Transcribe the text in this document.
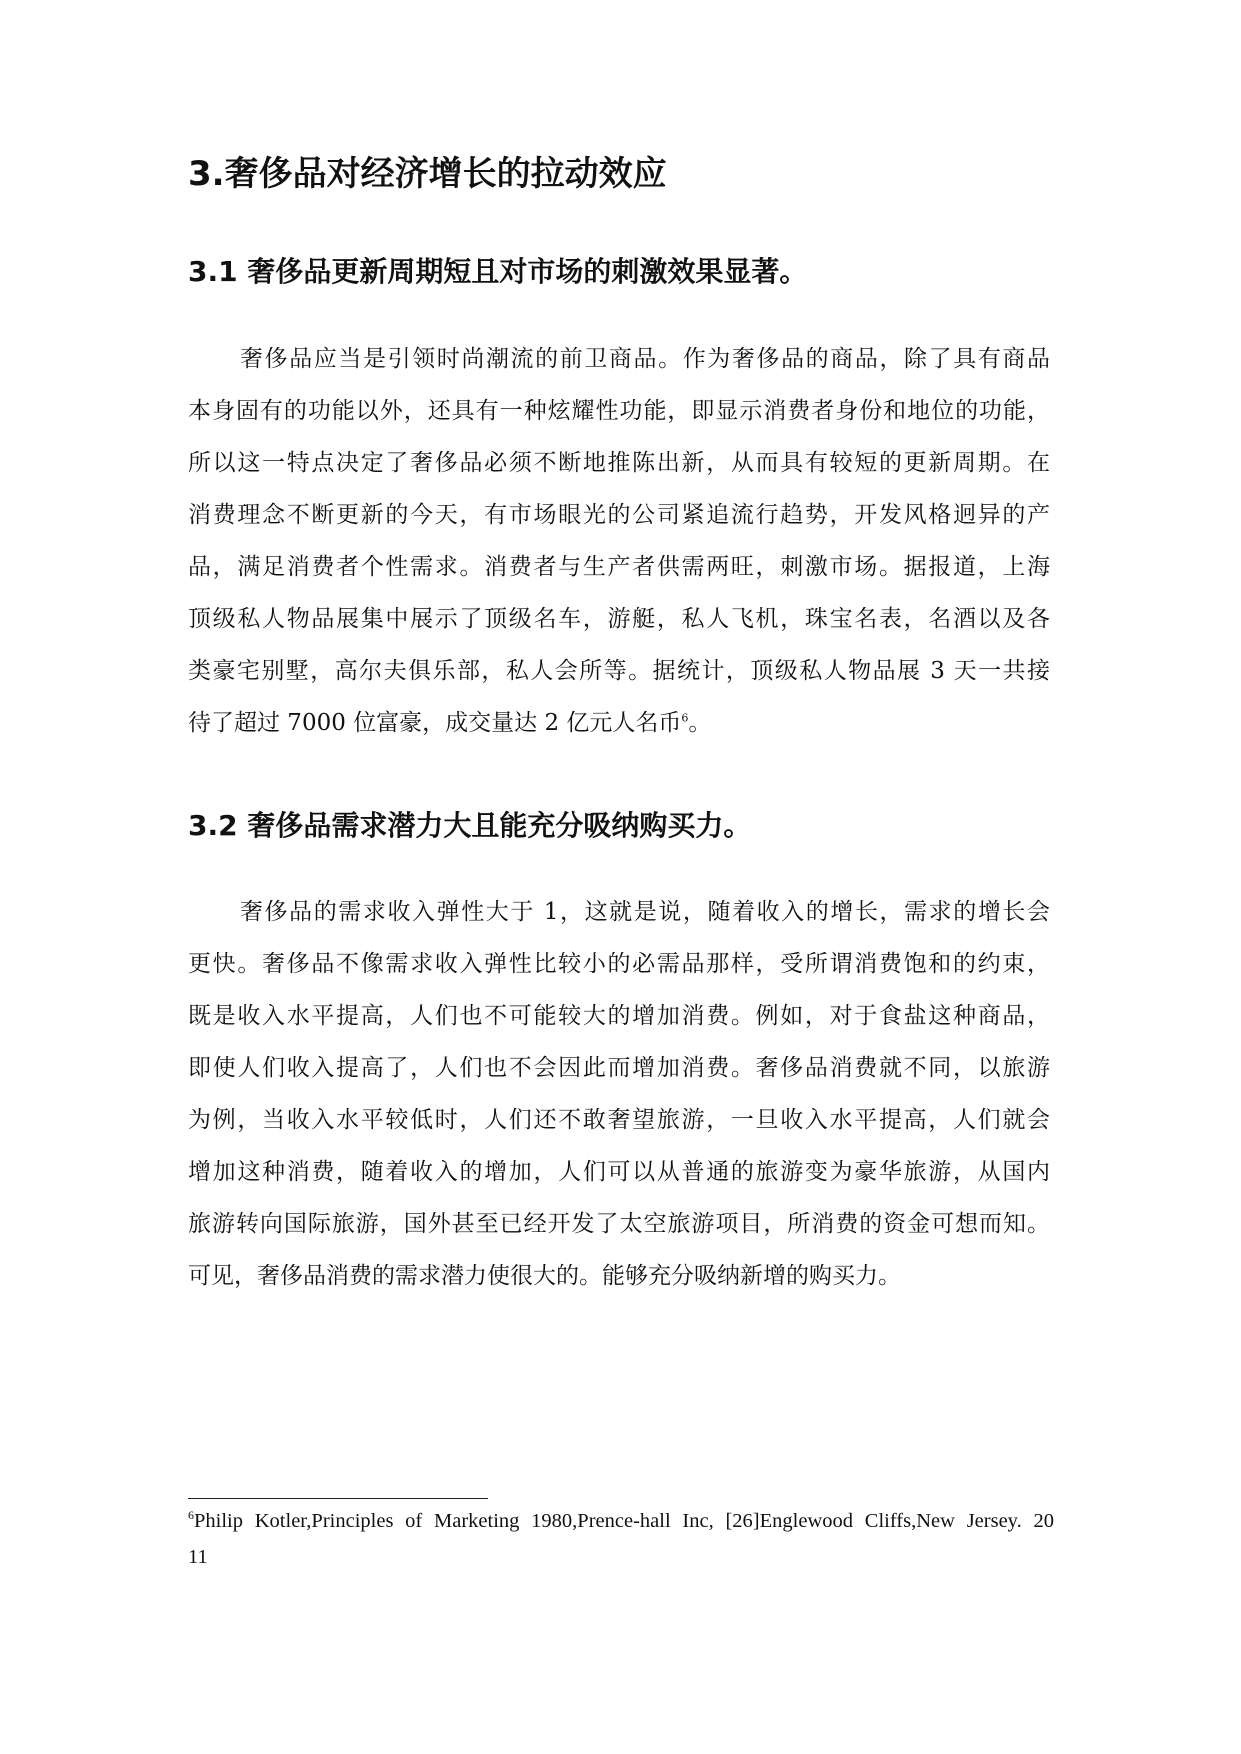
3.奢侈品对经济增长的拉动效应
3.1 奢侈品更新周期短且对市场的刺激效果显著。
奢侈品应当是引领时尚潮流的前卫商品。作为奢侈品的商品，除了具有商品
本身固有的功能以外，还具有一种炫耀性功能，即显示消费者身份和地位的功能，
所以这一特点决定了奢侈品必须不断地推陈出新，从而具有较短的更新周期。在
消费理念不断更新的今天，有市场眼光的公司紧追流行趋势，开发风格迥异的产
品，满足消费者个性需求。消费者与生产者供需两旺，刺激市场。据报道，上海
顶级私人物品展集中展示了顶级名车，游艇，私人飞机，珠宝名表，名酒以及各
类豪宅别墅，高尔夫俱乐部，私人会所等。据统计，顶级私人物品展 3 天一共接
待了超过 7000 位富豪，成交量达 2 亿元人名币$^6$。
3.2 奢侈品需求潜力大且能充分吸纳购买力。
奢侈品的需求收入弹性大于 1，这就是说，随着收入的增长，需求的增长会
更快。奢侈品不像需求收入弹性比较小的必需品那样，受所谓消费饱和的约束，
既是收入水平提高，人们也不可能较大的增加消费。例如，对于食盐这种商品，
即使人们收入提高了，人们也不会因此而增加消费。奢侈品消费就不同，以旅游
为例，当收入水平较低时，人们还不敢奢望旅游，一旦收入水平提高，人们就会
增加这种消费，随着收入的增加，人们可以从普通的旅游变为豪华旅游，从国内
旅游转向国际旅游，国外甚至已经开发了太空旅游项目，所消费的资金可想而知。
可见，奢侈品消费的需求潜力使很大的。能够充分吸纳新增的购买力。
$^6$Philip Kotler,Principles of Marketing 1980,Prence-hall Inc, [26]Englewood Cliffs,New Jersey. 20
11
